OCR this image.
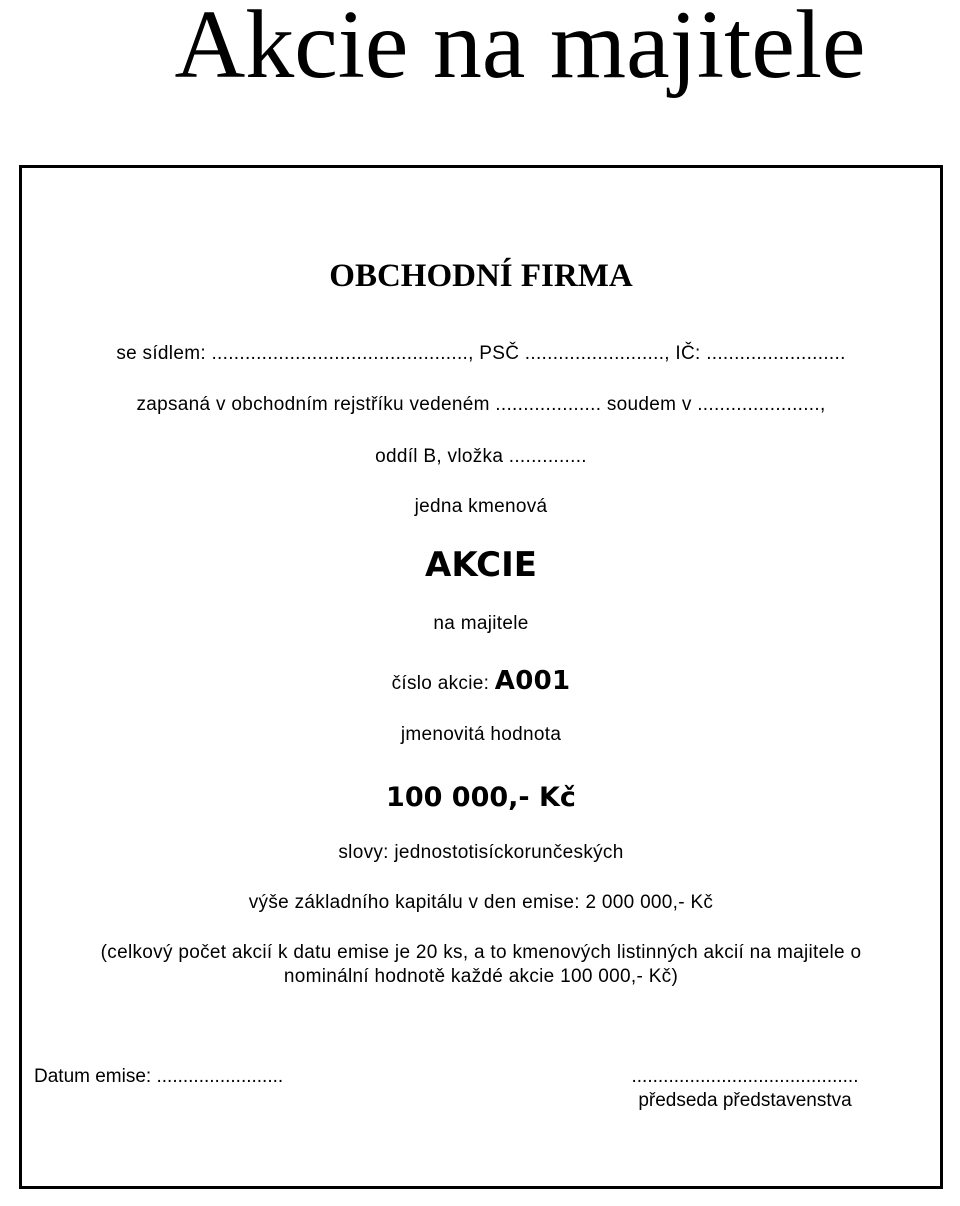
Akcie na majitele
OBCHODNÍ FIRMA
se sídlem: .............................................., PSČ ........................., IČ: .........................
zapsaná v obchodním rejstříku vedeném ................... soudem v ......................,
oddíl B, vložka ..............
jedna kmenová
AKCIE
na majitele
číslo akcie: A001
jmenovitá hodnota
100 000,- Kč
slovy: jednostotisíckorunčeských
výše základního kapitálu v den emise: 2 000 000,- Kč
(celkový počet akcií k datu emise je 20 ks, a to kmenových listinných akcií na majitele o
nominální hodnotě každé akcie 100 000,- Kč)
Datum emise: ........................	...........................................
předseda představenstva
